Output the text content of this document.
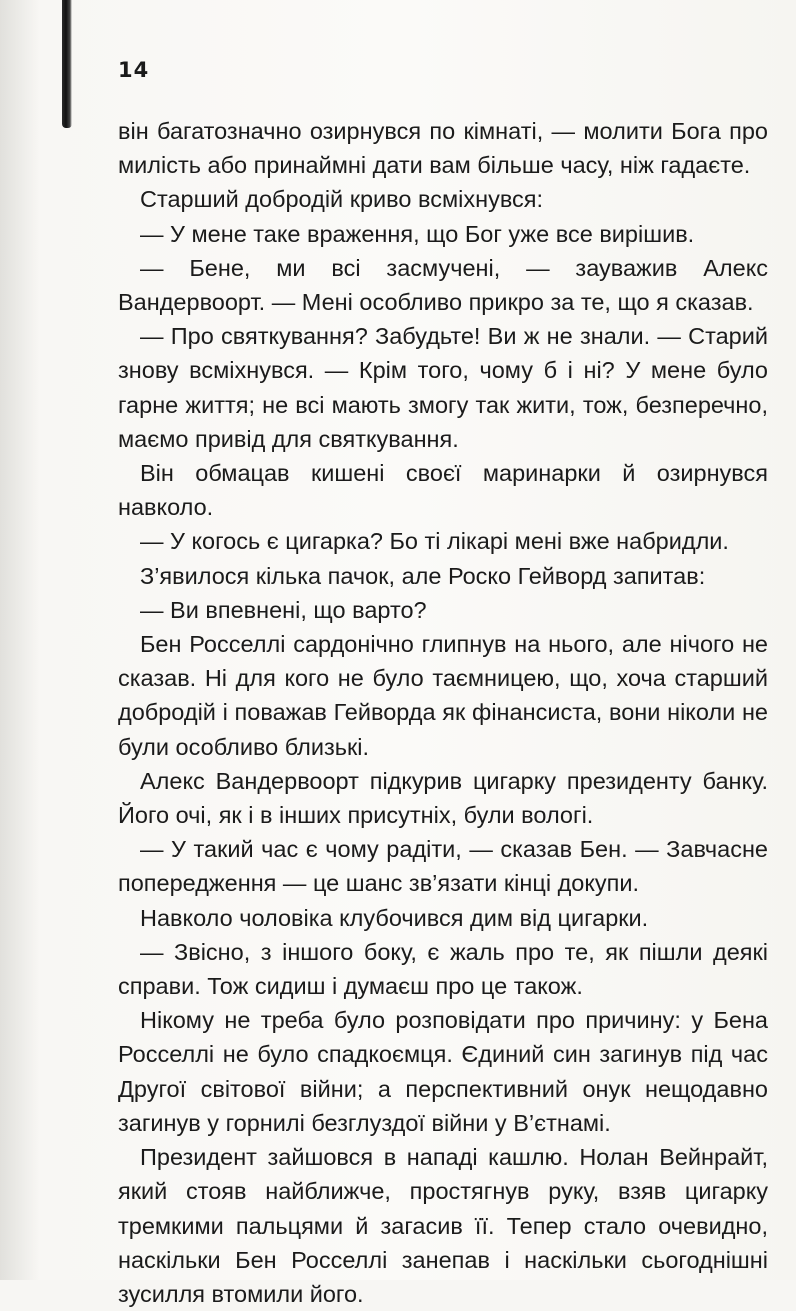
14

він багатозначно озирнувся по кімнаті, — молити Бога про милість або принаймні дати вам більше часу, ніж гадаєте.

Старший добродій криво всміхнувся:

— У мене таке враження, що Бог уже все вирішив.

— Бене, ми всі засмучені, — зауважив Алекс Вандервоорт. — Мені особливо прикро за те, що я сказав.

— Про святкування? Забудьте! Ви ж не знали. — Старий знову всміхнувся. — Крім того, чому б і ні? У мене було гарне життя; не всі мають змогу так жити, тож, безперечно, маємо привід для святкування.

Він обмацав кишені своєї маринарки й озирнувся навколо.

— У когось є цигарка? Бо ті лікарі мені вже набридли.

З’явилося кілька пачок, але Роско Гейворд запитав:

— Ви впевнені, що варто?

Бен Росселлі сардонічно глипнув на нього, але нічого не сказав. Ні для кого не було таємницею, що, хоча старший добродій і поважав Гейворда як фінансиста, вони ніколи не були особливо близькі.

Алекс Вандервоорт підкурив цигарку президенту банку. Його очі, як і в інших присутніх, були вологі.

— У такий час є чому радіти, — сказав Бен. — Завчасне попередження — це шанс зв’язати кінці докупи.

Навколо чоловіка клубочився дим від цигарки.

— Звісно, з іншого боку, є жаль про те, як пішли деякі справи. Тож сидиш і думаєш про це також.

Нікому не треба було розповідати про причину: у Бена Росселлі не було спадкоємця. Єдиний син загинув під час Другої світової війни; а перспективний онук нещодавно загинув у горнилі безглуздої війни у В’єтнамі.

Президент зайшовся в нападі кашлю. Нолан Вейнрайт, який стояв найближче, простягнув руку, взяв цигарку тремкими пальцями й загасив її. Тепер стало очевидно, наскільки Бен Росселлі занепав і наскільки сьогоднішні зусилля втомили його.
